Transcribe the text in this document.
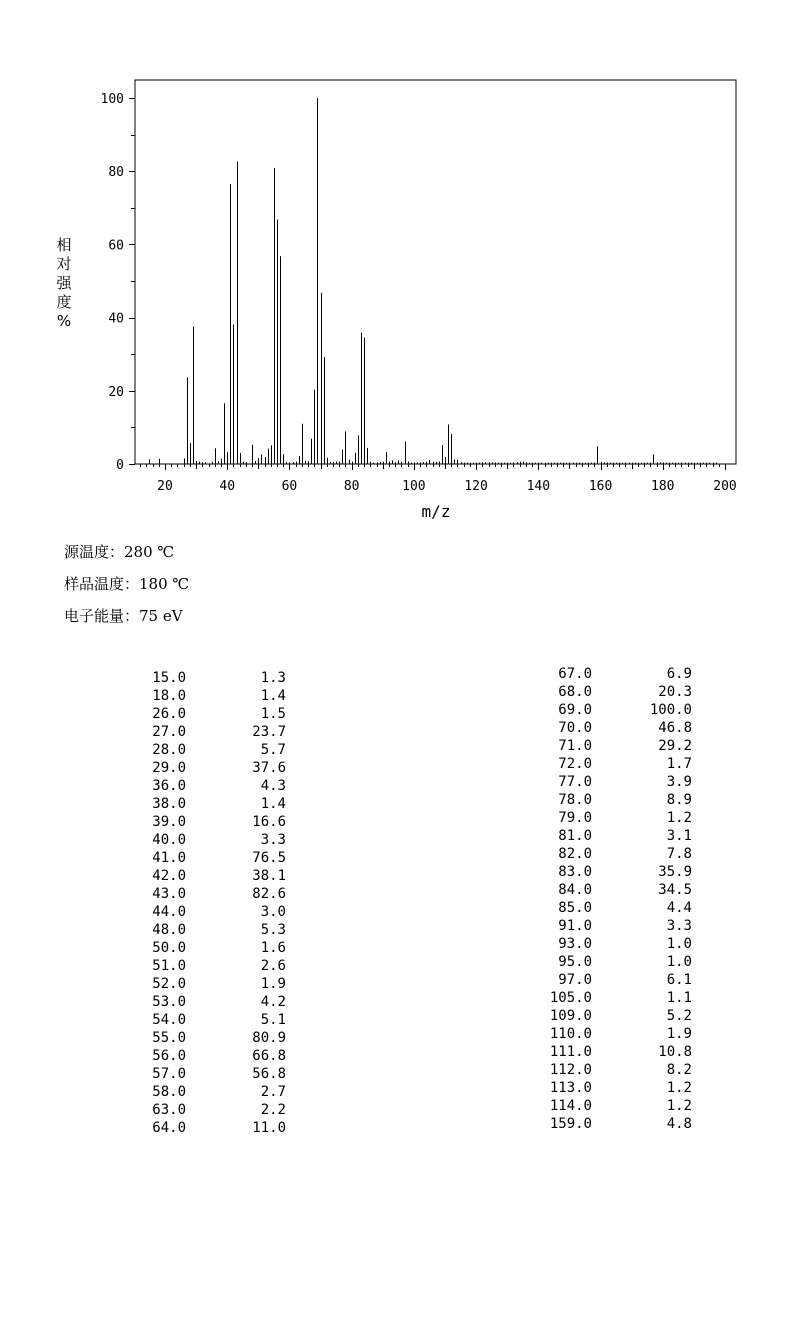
20	40	60	80	100	120	140	160	180	200
0
20
40
60
80
100
m/z
相
对
强
度
%
源温度：280 ℃
样品温度：180 ℃
电子能量：75 eV
15.0	1.3
18.0	1.4
26.0	1.5
27.0	23.7
28.0	5.7
29.0	37.6
36.0	4.3
38.0	1.4
39.0	16.6
40.0	3.3
41.0	76.5
42.0	38.1
43.0	82.6
44.0	3.0
48.0	5.3
50.0	1.6
51.0	2.6
52.0	1.9
53.0	4.2
54.0	5.1
55.0	80.9
56.0	66.8
57.0	56.8
58.0	2.7
63.0	2.2
64.0	11.0
67.0	6.9
68.0	20.3
69.0	100.0
70.0	46.8
71.0	29.2
72.0	1.7
77.0	3.9
78.0	8.9
79.0	1.2
81.0	3.1
82.0	7.8
83.0	35.9
84.0	34.5
85.0	4.4
91.0	3.3
93.0	1.0
95.0	1.0
97.0	6.1
105.0	1.1
109.0	5.2
110.0	1.9
111.0	10.8
112.0	8.2
113.0	1.2
114.0	1.2
159.0	4.8
